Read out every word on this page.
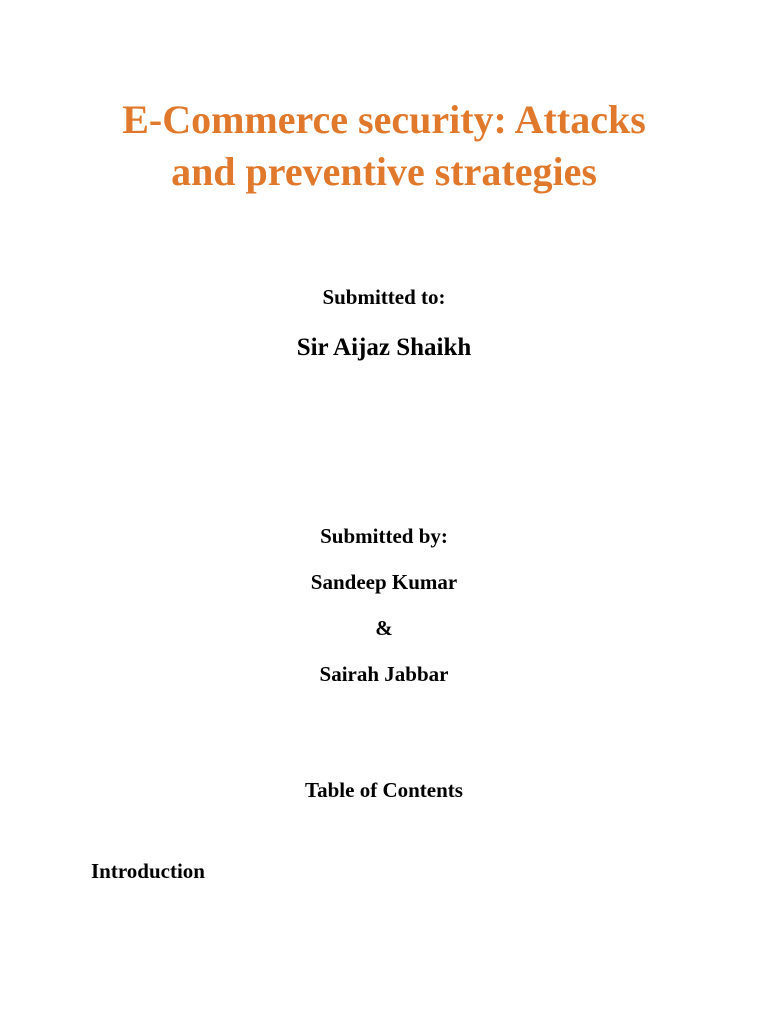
E-Commerce security: Attacks
and preventive strategies

Submitted to:

Sir Aijaz Shaikh

Submitted by:

Sandeep Kumar

&

Sairah Jabbar

Table of Contents

Introduction
